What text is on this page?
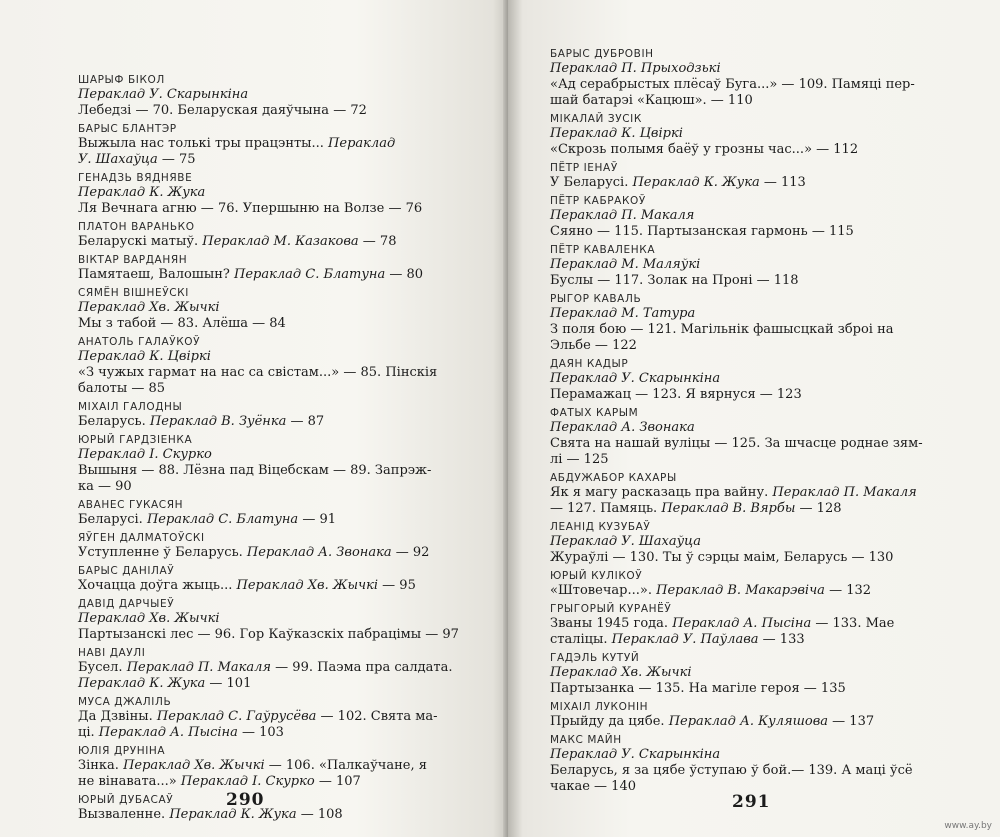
ШАРЫФ БІКОЛ
Пераклад У. Скарынкіна
Лебедзі — 70. Беларуская даяўчына — 72
БАРЫС БЛАНТЭР
Выжыла нас толькі тры працэнты... Пераклад
У. Шахаўца — 75
ГЕНАДЗЬ ВЯДНЯВЕ
Пераклад К. Жука
Ля Вечнага агню — 76. Упершыню на Волзе — 76
ПЛАТОН ВАРАНЬКО
Беларускі матыў. Пераклад М. Казакова — 78
ВІКТАР ВАРДАНЯН
Памятаеш, Валошын? Пераклад С. Блатуна — 80
СЯМЁН ВІШНЕЎСКІ
Пераклад Хв. Жычкі
Мы з табой — 83. Алёша — 84
АНАТОЛЬ ГАЛАЎКОЎ
Пераклад К. Цвіркі
«З чужых гармат на нас са свістам...» — 85. Пінскія
балоты — 85
МІХАІЛ ГАЛОДНЫ
Беларусь. Пераклад В. Зуёнка — 87
ЮРЫЙ ГАРДЗІЕНКА
Пераклад І. Скурко
Вышыня — 88. Лёзна пад Віцебскам — 89. Запрэж-
ка — 90
АВАНЕС ГУКАСЯН
Беларусі. Пераклад С. Блатуна — 91
ЯЎГЕН ДАЛМАТОЎСКІ
Уступленне ў Беларусь. Пераклад А. Звонака — 92
БАРЫС ДАНІЛАЎ
Хочацца доўга жыць... Пераклад Хв. Жычкі — 95
ДАВІД ДАРЧЫЕЎ
Пераклад Хв. Жычкі
Партызанскі лес — 96. Гор Каўказскіх пабрацімы — 97
НАВІ ДАУЛІ
Бусел. Пераклад П. Макаля — 99. Паэма пра салдата.
Пераклад К. Жука — 101
МУСА ДЖАЛІЛЬ
Да Дзвіны. Пераклад С. Гаўрусёва — 102. Свята ма-
ці. Пераклад А. Пысіна — 103
ЮЛІЯ ДРУНІНА
Зінка. Пераклад Хв. Жычкі — 106. «Палкаўчане, я
не вінавата...» Пераклад І. Скурко — 107
ЮРЫЙ ДУБАСАЎ
Вызваленне. Пераклад К. Жука — 108
290
БАРЫС ДУБРОВІН
Пераклад П. Прыходзькі
«Ад серабрыстых плёсаў Буга...» — 109. Памяці пер-
шай батарэі «Кацюш». — 110
МІКАЛАЙ ЗУСІК
Пераклад К. Цвіркі
«Скрозь полымя баёў у грозны час...» — 112
ПЁТР ІЕНАЎ
У Беларусі. Пераклад К. Жука — 113
ПЁТР КАБРАКОЎ
Пераклад П. Макаля
Сяяно — 115. Партызанская гармонь — 115
ПЁТР КАВАЛЕНКА
Пераклад М. Маляўкі
Буслы — 117. Золак на Проні — 118
РЫГОР КАВАЛЬ
Пераклад М. Татура
З поля бою — 121. Магільнік фашысцкай зброі на
Эльбе — 122
ДАЯН КАДЫР
Пераклад У. Скарынкіна
Перамажац — 123. Я вярнуся — 123
ФАТЫХ КАРЫМ
Пераклад А. Звонака
Свята на нашай вуліцы — 125. За шчасце роднае зям-
лі — 125
АБДУЖАБОР КАХАРЫ
Як я магу расказаць пра вайну. Пераклад П. Макаля
— 127. Памяць. Пераклад В. Вярбы — 128
ЛЕАНІД КУЗУБАЎ
Пераклад У. Шахаўца
Жураўлі — 130. Ты ў сэрцы маім, Беларусь — 130
ЮРЫЙ КУЛІКОЎ
«Штовечар...». Пераклад В. Макарэвіча — 132
ГРЫГОРЫЙ КУРАНЁЎ
Званы 1945 года. Пераклад А. Пысіна — 133. Мае
сталіцы. Пераклад У. Паўлава — 133
ГАДЭЛЬ КУТУЙ
Пераклад Хв. Жычкі
Партызанка — 135. На магіле героя — 135
МІХАІЛ ЛУКОНІН
Прыйду да цябе. Пераклад А. Куляшова — 137
МАКС МАЙН
Пераклад У. Скарынкіна
Беларусь, я за цябе ўступаю ў бой.— 139. А маці ўсё
чакае — 140
291
www.ay.by
